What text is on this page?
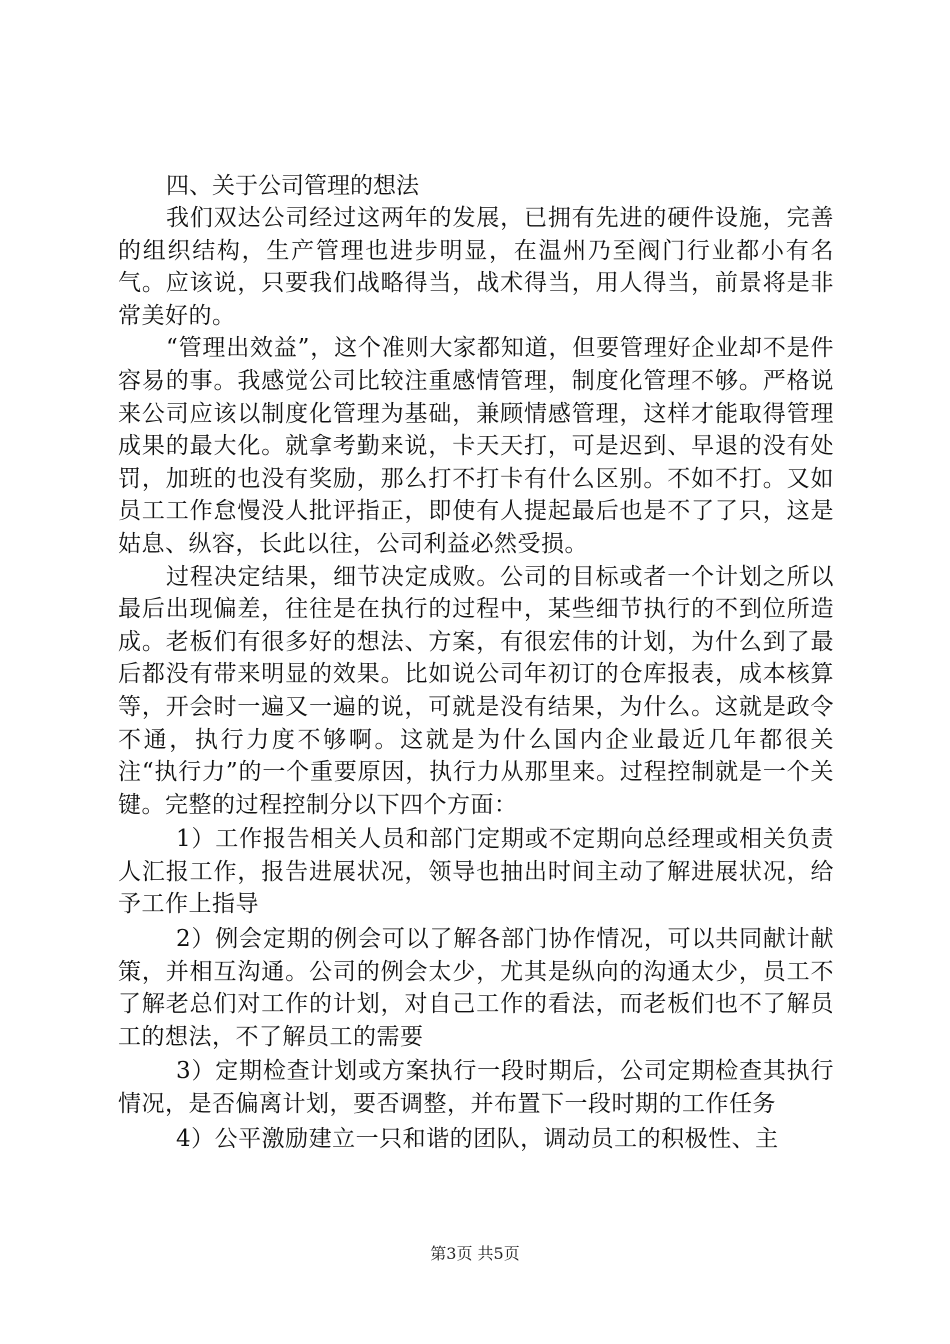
四、关于公司管理的想法

我们双达公司经过这两年的发展，已拥有先进的硬件设施，完善的组织结构，生产管理也进步明显，在温州乃至阀门行业都小有名气。应该说，只要我们战略得当，战术得当，用人得当，前景将是非常美好的。

“管理出效益”，这个准则大家都知道，但要管理好企业却不是件容易的事。我感觉公司比较注重感情管理，制度化管理不够。严格说来公司应该以制度化管理为基础，兼顾情感管理，这样才能取得管理成果的最大化。就拿考勤来说，卡天天打，可是迟到、早退的没有处罚，加班的也没有奖励，那么打不打卡有什么区别。不如不打。又如员工工作怠慢没人批评指正，即使有人提起最后也是不了了只，这是姑息、纵容，长此以往，公司利益必然受损。

过程决定结果，细节决定成败。公司的目标或者一个计划之所以最后出现偏差，往往是在执行的过程中，某些细节执行的不到位所造成。老板们有很多好的想法、方案，有很宏伟的计划，为什么到了最后都没有带来明显的效果。比如说公司年初订的仓库报表，成本核算等，开会时一遍又一遍的说，可就是没有结果，为什么。这就是政令不通，执行力度不够啊。这就是为什么国内企业最近几年都很关注“执行力”的一个重要原因，执行力从那里来。过程控制就是一个关键。完整的过程控制分以下四个方面：

1）工作报告相关人员和部门定期或不定期向总经理或相关负责人汇报工作，报告进展状况，领导也抽出时间主动了解进展状况，给予工作上指导

2）例会定期的例会可以了解各部门协作情况，可以共同献计献策，并相互沟通。公司的例会太少，尤其是纵向的沟通太少，员工不了解老总们对工作的计划，对自己工作的看法，而老板们也不了解员工的想法，不了解员工的需要

3）定期检查计划或方案执行一段时期后，公司定期检查其执行情况，是否偏离计划，要否调整，并布置下一段时期的工作任务

4）公平激励建立一只和谐的团队，调动员工的积极性、主

第3页 共5页
